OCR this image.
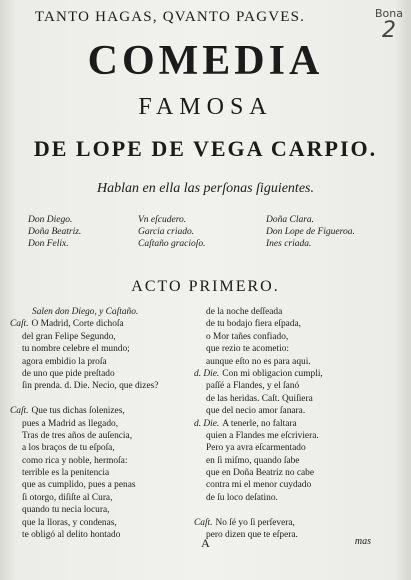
TANTO HAGAS, QVANTO PAGVES.	Bona
2
COMEDIA
FAMOSA
DE LOPE DE VEGA CARPIO.
Hablan en ella las perſonas ſiguientes.
Don Diego.	Vn eſcudero.	Doña Clara.
Doña Beatriz.	Garcia criado.	Don Lope de Figueroa.
Don Felix.	Caſtaño gracioſo.	Ines criada.
ACTO PRIMERO.
Salen don Diego, y Caſtaño.
Caſt. O Madrid, Corte dichoſa
del gran Felipe Segundo,
tu nombre celebre el mundo;
agora embidio la proſa
de uno que pide preſtado
ſin prenda. d. Die. Necio, que dizes?
Caſt. Que tus dichas ſolenizes,
pues a Madrid as llegado,
Tras de tres años de auſencia,
a los braços de tu eſpoſa,
como rica y noble, hermoſa:
terrible es la penitencia
que as cumplido, pues a penas
ſi otorgo, diſiſte al Cura,
quando tu necia locura,
que la lloras, y condenas,
te obligó al delito hontado
de la noche deſſeada
de tu bodajo fiera eſpada,
o Mor tañes confiado,
que rezio te acometio:
aunque eſto no es para aqui.
d. Die. Con mi obligacion cumpli,
paſſé a Flandes, y el ſanó
de las heridas. Caſt. Quiſiera
que del necio amor ſanara.
d. Die. A tenerle, no faltara
quien a Flandes me eſcriviera.
Pero ya avra eſcarmentado
en ſi miſmo, quando ſabe
que en Doña Beatriz no cabe
contra mi el menor cuydado
de ſu loco deſatino.
Caſt. No ſé yo ſi perſevera,
pero dizen que te eſpera.
A	mas
